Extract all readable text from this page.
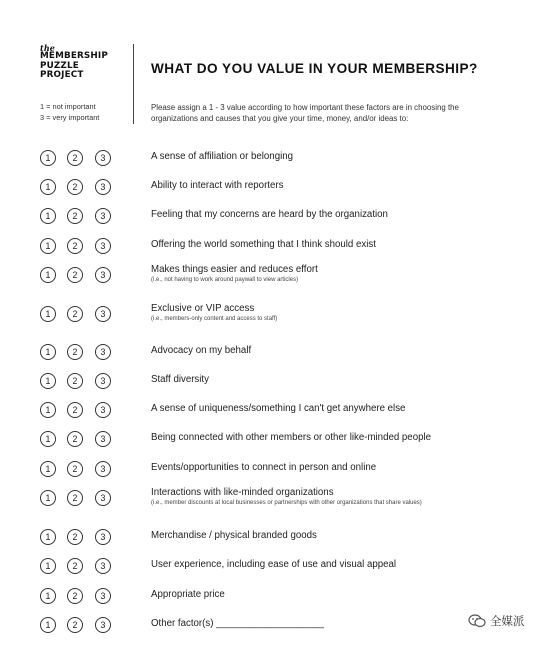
the
MEMBERSHIP
PUZZLE
PROJECT
1 = not important
3 = very important
WHAT DO YOU VALUE IN YOUR MEMBERSHIP?
Please assign a 1 - 3 value according to how important these factors are in choosing the organizations and causes that you give your time, money, and/or ideas to:
1	2	3	A sense of affiliation or belonging
1	2	3	Ability to interact with reporters
1	2	3	Feeling that my concerns are heard by the organization
1	2	3	Offering the world something that I think should exist
1	2	3	Makes things easier and reduces effort
(i.e., not having to work around paywall to view articles)
1	2	3	Exclusive or VIP access
(i.e., members-only content and access to staff)
1	2	3	Advocacy on my behalf
1	2	3	Staff diversity
1	2	3	A sense of uniqueness/something I can't get anywhere else
1	2	3	Being connected with other members or other like-minded people
1	2	3	Events/opportunities to connect in person and online
1	2	3	Interactions with like-minded organizations
(i.e., member discounts at local businesses or partnerships with other organizations that share values)
1	2	3	Merchandise / physical branded goods
1	2	3	User experience, including ease of use and visual appeal
1	2	3	Appropriate price
1	2	3	Other factor(s) ____________________	全媒派
